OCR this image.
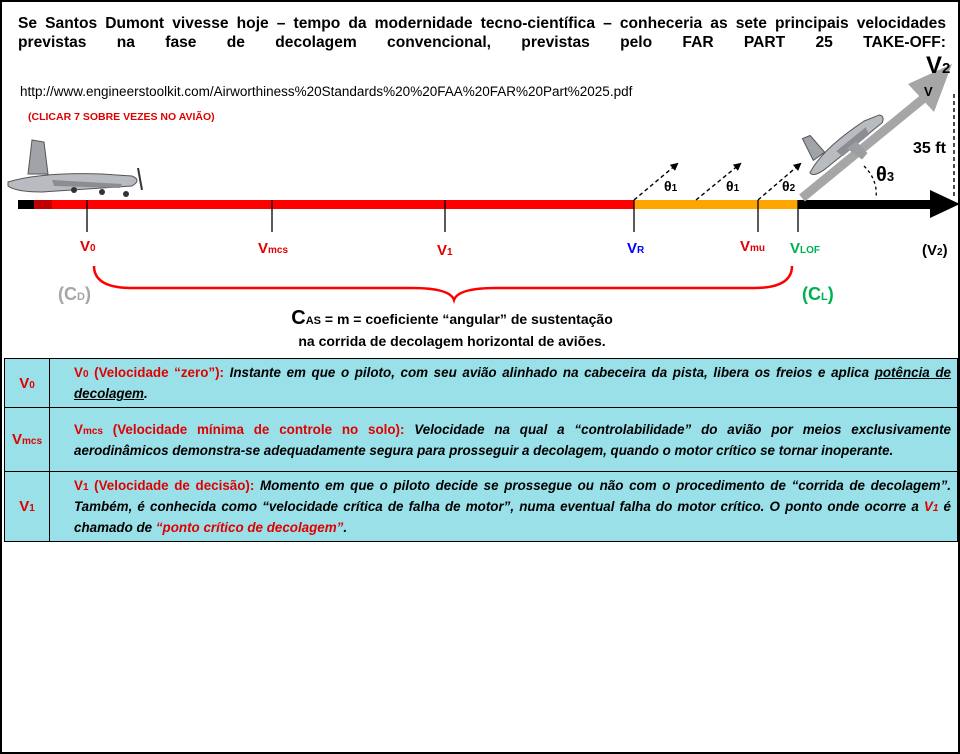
Se Santos Dumont vivesse hoje – tempo da modernidade tecno-científica – conheceria as sete principais velocidades previstas na fase de decolagem convencional, previstas pelo FAR PART 25 TAKE-OFF:
http://www.engineerstoolkit.com/Airworthiness%20Standards%20%20FAA%20FAR%20Part%2025.pdf
(CLICAR 7 SOBRE VEZES NO AVIÃO)
V0	Vmcs	V1	VR	Vmu VLOF	(V2)
V2
V
35 ft
θ1	θ1	θ2
θ3
(CD)	(CL)
CAS = m = coeficiente “angular” de sustentação
na corrida de decolagem horizontal de aviões.
V0	V0 (Velocidade “zero”): Instante em que o piloto, com seu avião alinhado na cabeceira da pista, libera os freios e aplica potência de decolagem.
Vmcs	Vmcs (Velocidade mínima de controle no solo): Velocidade na qual a “controlabilidade” do avião por meios exclusivamente aerodinâmicos demonstra-se adequadamente segura para prosseguir a decolagem, quando o motor crítico se tornar inoperante.
V1	V1 (Velocidade de decisão): Momento em que o piloto decide se prossegue ou não com o procedimento de “corrida de decolagem”. Também, é conhecida como “velocidade crítica de falha de motor”, numa eventual falha do motor crítico. O ponto onde ocorre a V1 é chamado de “ponto crítico de decolagem”.
